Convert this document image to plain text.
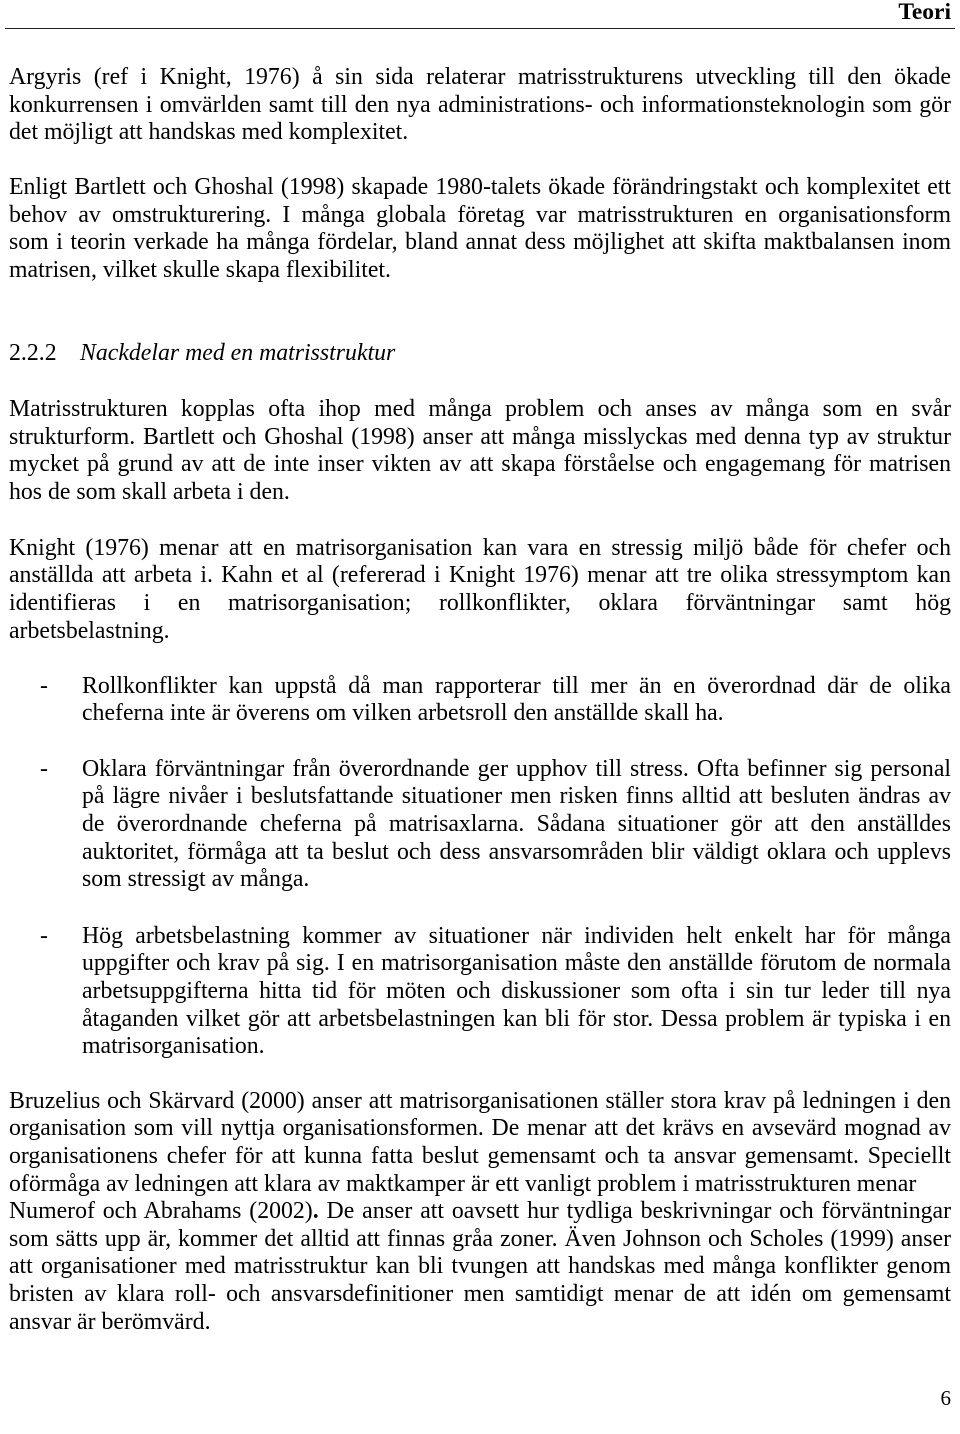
Teori
Argyris (ref i Knight, 1976) å sin sida relaterar matrisstrukturens utveckling till den ökade
konkurrensen i omvärlden samt till den nya administrations- och informationsteknologin som gör
det möjligt att handskas med komplexitet.
Enligt Bartlett och Ghoshal (1998) skapade 1980-talets ökade förändringstakt och komplexitet ett
behov av omstrukturering. I många globala företag var matrisstrukturen en organisationsform
som i teorin verkade ha många fördelar, bland annat dess möjlighet att skifta maktbalansen inom
matrisen, vilket skulle skapa flexibilitet.
2.2.2 Nackdelar med en matrisstruktur
Matrisstrukturen kopplas ofta ihop med många problem och anses av många som en svår
strukturform. Bartlett och Ghoshal (1998) anser att många misslyckas med denna typ av struktur
mycket på grund av att de inte inser vikten av att skapa förståelse och engagemang för matrisen
hos de som skall arbeta i den.
Knight (1976) menar att en matrisorganisation kan vara en stressig miljö både för chefer och
anställda att arbeta i. Kahn et al (refererad i Knight 1976) menar att tre olika stressymptom kan
identifieras i en matrisorganisation; rollkonflikter, oklara förväntningar samt hög
arbetsbelastning.
- Rollkonflikter kan uppstå då man rapporterar till mer än en överordnad där de olika
cheferna inte är överens om vilken arbetsroll den anställde skall ha.
- Oklara förväntningar från överordnande ger upphov till stress. Ofta befinner sig personal
på lägre nivåer i beslutsfattande situationer men risken finns alltid att besluten ändras av
de överordnande cheferna på matrisaxlarna. Sådana situationer gör att den anställdes
auktoritet, förmåga att ta beslut och dess ansvarsområden blir väldigt oklara och upplevs
som stressigt av många.
- Hög arbetsbelastning kommer av situationer när individen helt enkelt har för många
uppgifter och krav på sig. I en matrisorganisation måste den anställde förutom de normala
arbetsuppgifterna hitta tid för möten och diskussioner som ofta i sin tur leder till nya
åtaganden vilket gör att arbetsbelastningen kan bli för stor. Dessa problem är typiska i en
matrisorganisation.
Bruzelius och Skärvard (2000) anser att matrisorganisationen ställer stora krav på ledningen i den
organisation som vill nyttja organisationsformen. De menar att det krävs en avsevärd mognad av
organisationens chefer för att kunna fatta beslut gemensamt och ta ansvar gemensamt. Speciellt
oförmåga av ledningen att klara av maktkamper är ett vanligt problem i matrisstrukturen menar
Numerof och Abrahams (2002). De anser att oavsett hur tydliga beskrivningar och förväntningar
som sätts upp är, kommer det alltid att finnas gråa zoner. Även Johnson och Scholes (1999) anser
att organisationer med matrisstruktur kan bli tvungen att handskas med många konflikter genom
bristen av klara roll- och ansvarsdefinitioner men samtidigt menar de att idén om gemensamt
ansvar är berömvärd.
6
